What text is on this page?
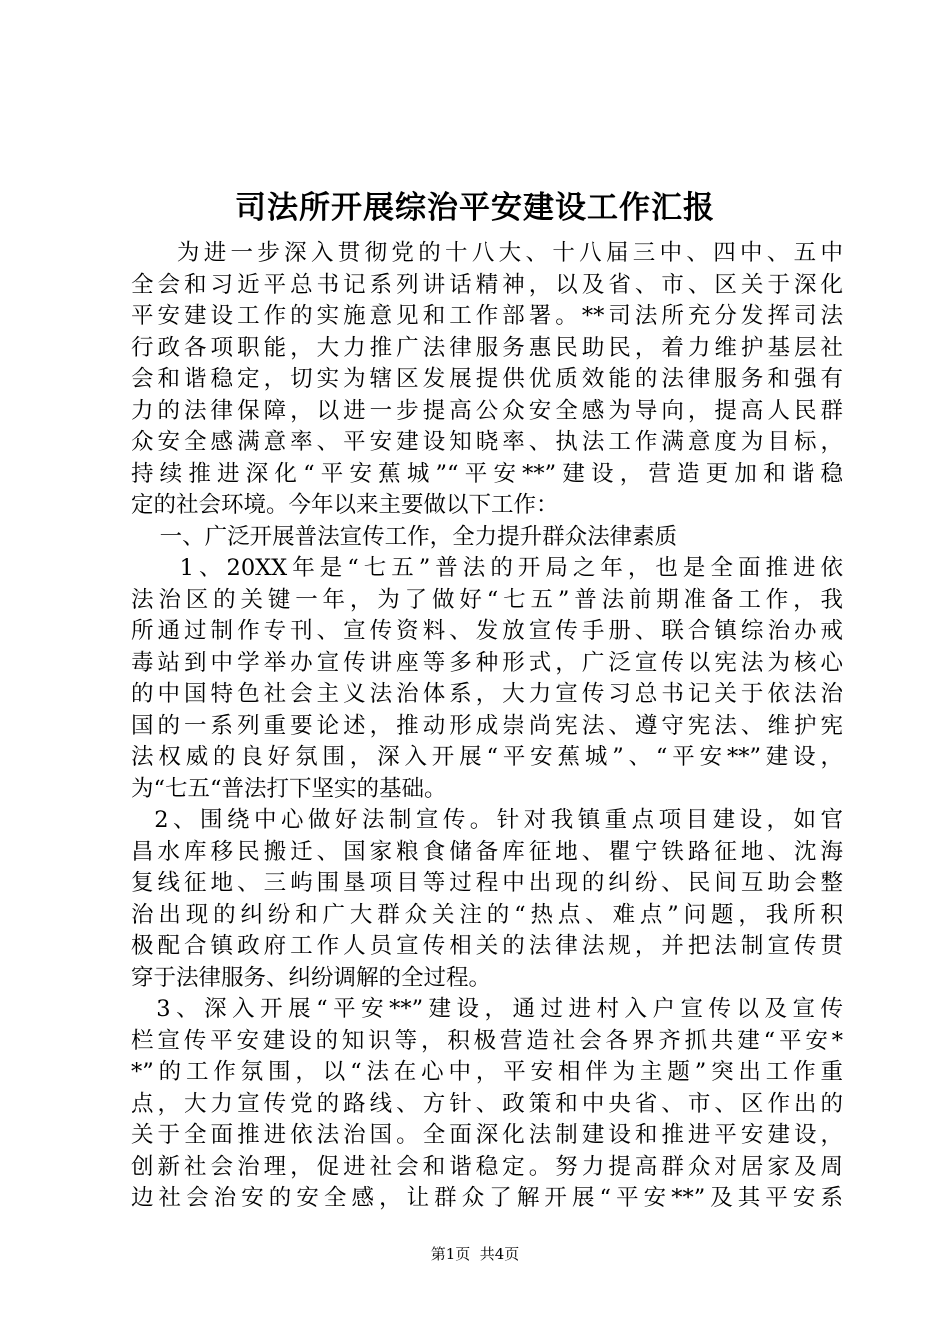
司法所开展综治平安建设工作汇报
为进一步深入贯彻党的十八大、十八届三中、四中、五中
全会和习近平总书记系列讲话精神，以及省、市、区关于深化
平安建设工作的实施意见和工作部署。**司法所充分发挥司法
行政各项职能，大力推广法律服务惠民助民，着力维护基层社
会和谐稳定，切实为辖区发展提供优质效能的法律服务和强有
力的法律保障，以进一步提高公众安全感为导向，提高人民群
众安全感满意率、平安建设知晓率、执法工作满意度为目标，
持续推进深化“平安蕉城”“平安**”建设，营造更加和谐稳
定的社会环境。今年以来主要做以下工作：
一、广泛开展普法宣传工作，全力提升群众法律素质
1、20XX年是“七五”普法的开局之年，也是全面推进依
法治区的关键一年，为了做好“七五”普法前期准备工作，我
所通过制作专刊、宣传资料、发放宣传手册、联合镇综治办戒
毒站到中学举办宣传讲座等多种形式，广泛宣传以宪法为核心
的中国特色社会主义法治体系，大力宣传习总书记关于依法治
国的一系列重要论述，推动形成崇尚宪法、遵守宪法、维护宪
法权威的良好氛围，深入开展“平安蕉城”、“平安**”建设，
为“七五“普法打下坚实的基础。
2、围绕中心做好法制宣传。针对我镇重点项目建设，如官
昌水库移民搬迁、国家粮食储备库征地、瞿宁铁路征地、沈海
复线征地、三屿围垦项目等过程中出现的纠纷、民间互助会整
治出现的纠纷和广大群众关注的“热点、难点”问题，我所积
极配合镇政府工作人员宣传相关的法律法规，并把法制宣传贯
穿于法律服务、纠纷调解的全过程。
3、深入开展“平安**”建设，通过进村入户宣传以及宣传
栏宣传平安建设的知识等，积极营造社会各界齐抓共建“平安*
*”的工作氛围，以“法在心中，平安相伴为主题”突出工作重
点，大力宣传党的路线、方针、政策和中央省、市、区作出的
关于全面推进依法治国。全面深化法制建设和推进平安建设，
创新社会治理，促进社会和谐稳定。努力提高群众对居家及周
边社会治安的安全感，让群众了解开展“平安**”及其平安系
第1页  共4页
